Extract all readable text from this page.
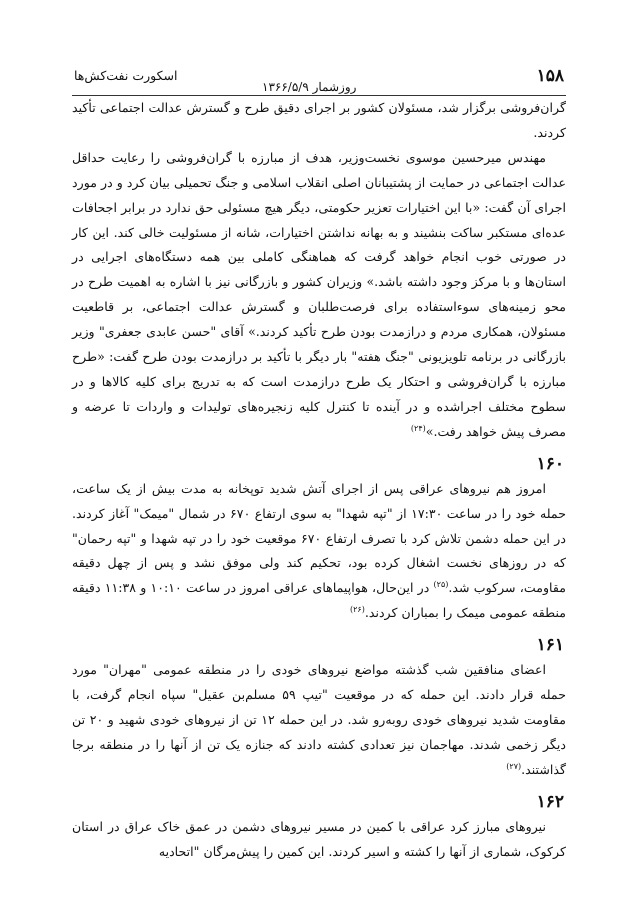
۱۵۸
روزشمار ۱۳۶۶/۵/۹
اسکورت نفت‌کش‌ها

گران‌فروشی برگزار شد، مسئولان کشور بر اجرای دقیق طرح و گسترش عدالت اجتماعی تأکید کردند.

مهندس میرحسین موسوی نخست‌وزیر، هدف از مبارزه با گران‌فروشی را رعایت حداقل عدالت اجتماعی در حمایت از پشتیبانان اصلی انقلاب اسلامی و جنگ تحمیلی بیان کرد و در مورد اجرای آن گفت: «با این اختیارات تعزیر حکومتی، دیگر هیچ مسئولی حق ندارد در برابر اجحافات عده‌ای مستکبر ساکت بنشیند و به بهانه نداشتن اختیارات، شانه از مسئولیت خالی کند. این کار در صورتی خوب انجام خواهد گرفت که هماهنگی کاملی بین همه دستگاه‌های اجرایی در استان‌ها و با مرکز وجود داشته باشد.» وزیران کشور و بازرگانی نیز با اشاره به اهمیت طرح در محو زمینه‌های سوءاستفاده برای فرصت‌طلبان و گسترش عدالت اجتماعی، بر قاطعیت مسئولان، همکاری مردم و درازمدت بودن طرح تأکید کردند.» آقای "حسن عابدی جعفری" وزیر بازرگانی در برنامه تلویزیونی "جنگ هفته" بار دیگر با تأکید بر درازمدت بودن طرح گفت: «طرح مبارزه با گران‌فروشی و احتکار یک طرح درازمدت است که به تدریج برای کلیه کالاها و در سطوح مختلف اجراشده و در آینده تا کنترل کلیه زنجیره‌های تولیدات و واردات تا عرضه و مصرف پیش خواهد رفت.»$^{(۲۴)}$

۱۶۰

امروز هم نیروهای عراقی پس از اجرای آتش شدید توپخانه به مدت بیش از یک ساعت، حمله خود را در ساعت ۱۷:۳۰ از "تپه شهدا" به سوی ارتفاع ۶۷۰ در شمال "میمک" آغاز کردند. در این حمله دشمن تلاش کرد با تصرف ارتفاع ۶۷۰ موقعیت خود را در تپه شهدا و "تپه رحمان" که در روزهای نخست اشغال کرده بود، تحکیم کند ولی موفق نشد و پس از چهل دقیقه مقاومت، سرکوب شد.$^{(۲۵)}$ در این‌حال، هواپیماهای عراقی امروز در ساعت ۱۰:۱۰ و ۱۱:۳۸ دقیقه منطقه عمومی میمک را بمباران کردند.$^{(۲۶)}$

۱۶۱

اعضای منافقین شب گذشته مواضع نیروهای خودی را در منطقه عمومی "مهران" مورد حمله قرار دادند. این حمله که در موقعیت "تیپ ۵۹ مسلم‌بن عقیل" سپاه انجام گرفت، با مقاومت شدید نیروهای خودی روبه‌رو شد. در این حمله ۱۲ تن از نیروهای خودی شهید و ۲۰ تن دیگر زخمی شدند. مهاجمان نیز تعدادی کشته دادند که جنازه یک تن از آنها را در منطقه برجا گذاشتند.$^{(۲۷)}$

۱۶۲

نیروهای مبارز کرد عراقی با کمین در مسیر نیروهای دشمن در عمق خاک عراق در استان کرکوک، شماری از آنها را کشته و اسیر کردند. این کمین را پیش‌مرگان "اتحادیه
